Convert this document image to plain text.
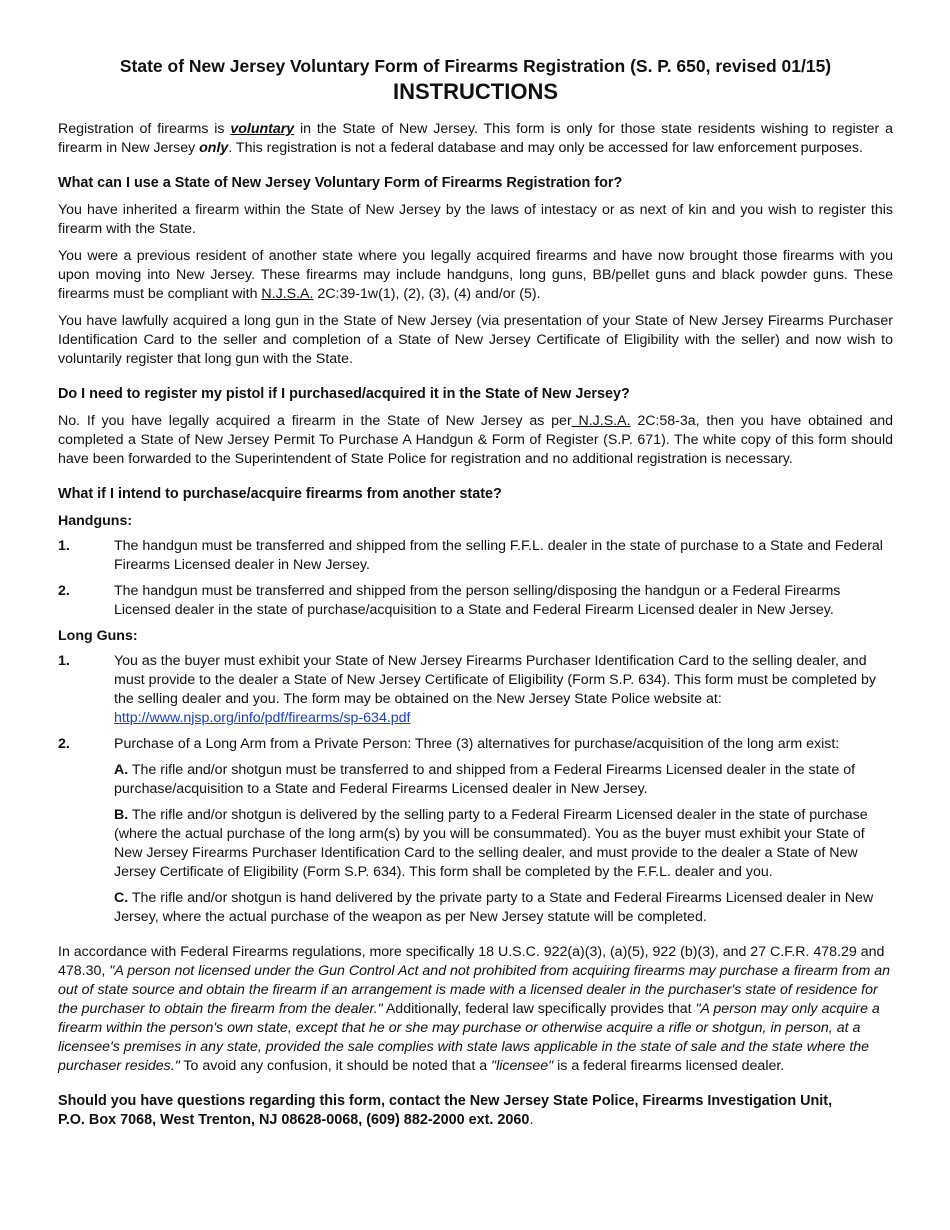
State of New Jersey Voluntary Form of Firearms Registration (S. P. 650, revised 01/15)
INSTRUCTIONS

Registration of firearms is voluntary in the State of New Jersey. This form is only for those state residents wishing to register a firearm in New Jersey only. This registration is not a federal database and may only be accessed for law enforcement purposes.

What can I use a State of New Jersey Voluntary Form of Firearms Registration for?

You have inherited a firearm within the State of New Jersey by the laws of intestacy or as next of kin and you wish to register this firearm with the State.

You were a previous resident of another state where you legally acquired firearms and have now brought those firearms with you upon moving into New Jersey. These firearms may include handguns, long guns, BB/pellet guns and black powder guns. These firearms must be compliant with N.J.S.A. 2C:39-1w(1), (2), (3), (4) and/or (5).

You have lawfully acquired a long gun in the State of New Jersey (via presentation of your State of New Jersey Firearms Purchaser Identification Card to the seller and completion of a State of New Jersey Certificate of Eligibility with the seller) and now wish to voluntarily register that long gun with the State.

Do I need to register my pistol if I purchased/acquired it in the State of New Jersey?

No. If you have legally acquired a firearm in the State of New Jersey as per N.J.S.A. 2C:58-3a, then you have obtained and completed a State of New Jersey Permit To Purchase A Handgun & Form of Register (S.P. 671). The white copy of this form should have been forwarded to the Superintendent of State Police for registration and no additional registration is necessary.

What if I intend to purchase/acquire firearms from another state?
Handguns:
1.	The handgun must be transferred and shipped from the selling F.F.L. dealer in the state of purchase to a State and Federal Firearms Licensed dealer in New Jersey.
2.	The handgun must be transferred and shipped from the person selling/disposing the handgun or a Federal Firearms Licensed dealer in the state of purchase/acquisition to a State and Federal Firearm Licensed dealer in New Jersey.
Long Guns:
1.	You as the buyer must exhibit your State of New Jersey Firearms Purchaser Identification Card to the selling dealer, and must provide to the dealer a State of New Jersey Certificate of Eligibility (Form S.P. 634). This form must be completed by the selling dealer and you. The form may be obtained on the New Jersey State Police website at:
http://www.njsp.org/info/pdf/firearms/sp-634.pdf
2.	Purchase of a Long Arm from a Private Person: Three (3) alternatives for purchase/acquisition of the long arm exist:
A. The rifle and/or shotgun must be transferred to and shipped from a Federal Firearms Licensed dealer in the state of purchase/acquisition to a State and Federal Firearms Licensed dealer in New Jersey.
B. The rifle and/or shotgun is delivered by the selling party to a Federal Firearm Licensed dealer in the state of purchase (where the actual purchase of the long arm(s) by you will be consummated). You as the buyer must exhibit your State of New Jersey Firearms Purchaser Identification Card to the selling dealer, and must provide to the dealer a State of New Jersey Certificate of Eligibility (Form S.P. 634). This form shall be completed by the F.F.L. dealer and you.
C. The rifle and/or shotgun is hand delivered by the private party to a State and Federal Firearms Licensed dealer in New Jersey, where the actual purchase of the weapon as per New Jersey statute will be completed.

In accordance with Federal Firearms regulations, more specifically 18 U.S.C. 922(a)(3), (a)(5), 922 (b)(3), and 27 C.F.R. 478.29 and 478.30, "A person not licensed under the Gun Control Act and not prohibited from acquiring firearms may purchase a firearm from an out of state source and obtain the firearm if an arrangement is made with a licensed dealer in the purchaser's state of residence for the purchaser to obtain the firearm from the dealer." Additionally, federal law specifically provides that "A person may only acquire a firearm within the person's own state, except that he or she may purchase or otherwise acquire a rifle or shotgun, in person, at a licensee's premises in any state, provided the sale complies with state laws applicable in the state of sale and the state where the purchaser resides." To avoid any confusion, it should be noted that a "licensee" is a federal firearms licensed dealer.

Should you have questions regarding this form, contact the New Jersey State Police, Firearms Investigation Unit,
P.O. Box 7068, West Trenton, NJ 08628-0068, (609) 882-2000 ext. 2060.
